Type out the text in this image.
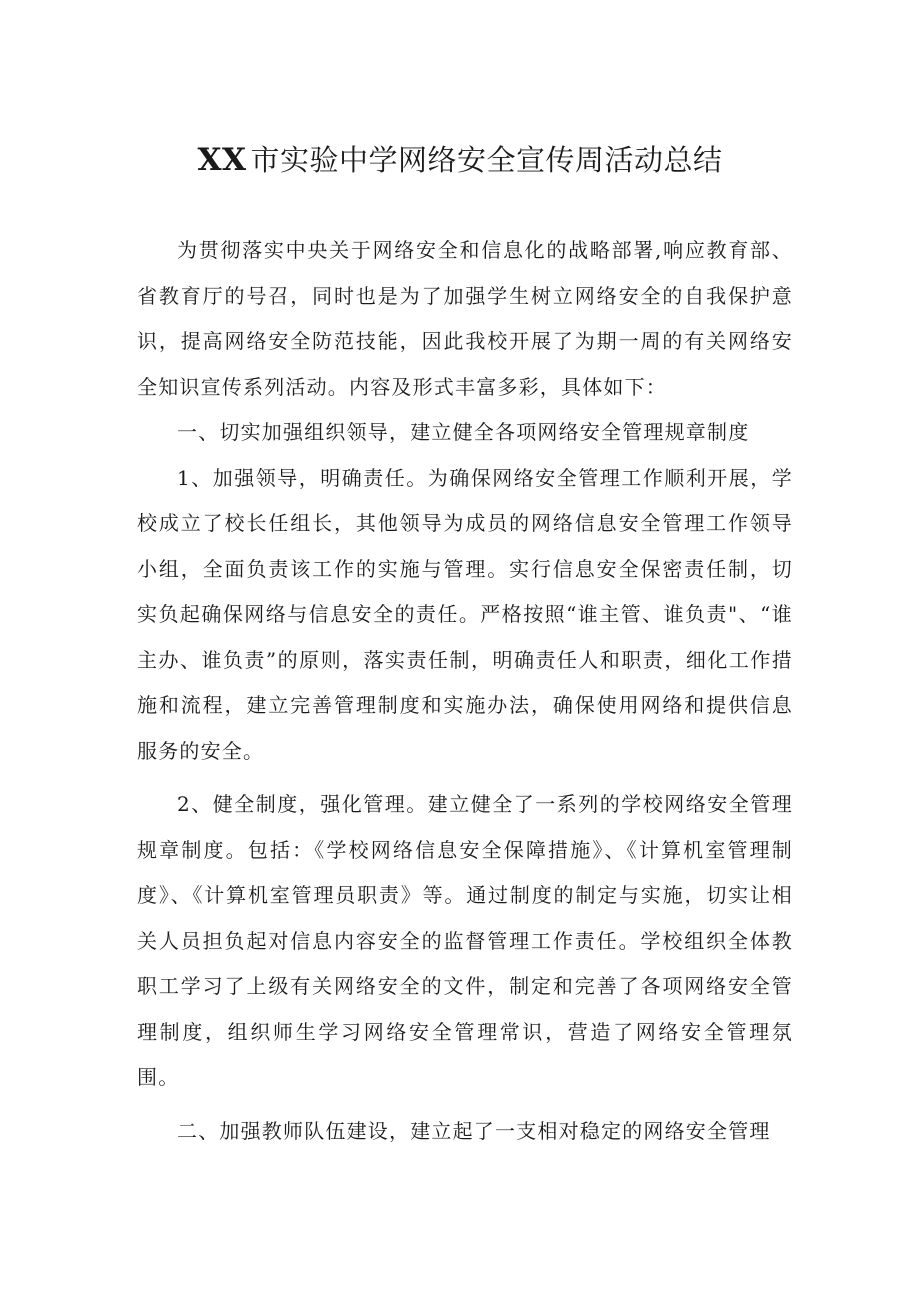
XX 市实验中学网络安全宣传周活动总结

为贯彻落实中央关于网络安全和信息化的战略部署,响应教育部、省教育厅的号召，同时也是为了加强学生树立网络安全的自我保护意识，提高网络安全防范技能，因此我校开展了为期一周的有关网络安全知识宣传系列活动。内容及形式丰富多彩，具体如下：

一、切实加强组织领导，建立健全各项网络安全管理规章制度

1、加强领导，明确责任。为确保网络安全管理工作顺利开展，学校成立了校长任组长，其他领导为成员的网络信息安全管理工作领导小组，全面负责该工作的实施与管理。实行信息安全保密责任制，切实负起确保网络与信息安全的责任。严格按照“谁主管、谁负责"、“谁主办、谁负责”的原则，落实责任制，明确责任人和职责，细化工作措施和流程，建立完善管理制度和实施办法，确保使用网络和提供信息服务的安全。

2、健全制度，强化管理。建立健全了一系列的学校网络安全管理规章制度。包括：《学校网络信息安全保障措施》、《计算机室管理制度》、《计算机室管理员职责》等。通过制度的制定与实施，切实让相关人员担负起对信息内容安全的监督管理工作责任。学校组织全体教职工学习了上级有关网络安全的文件，制定和完善了各项网络安全管理制度，组织师生学习网络安全管理常识，营造了网络安全管理氛围。

二、加强教师队伍建设，建立起了一支相对稳定的网络安全管理
